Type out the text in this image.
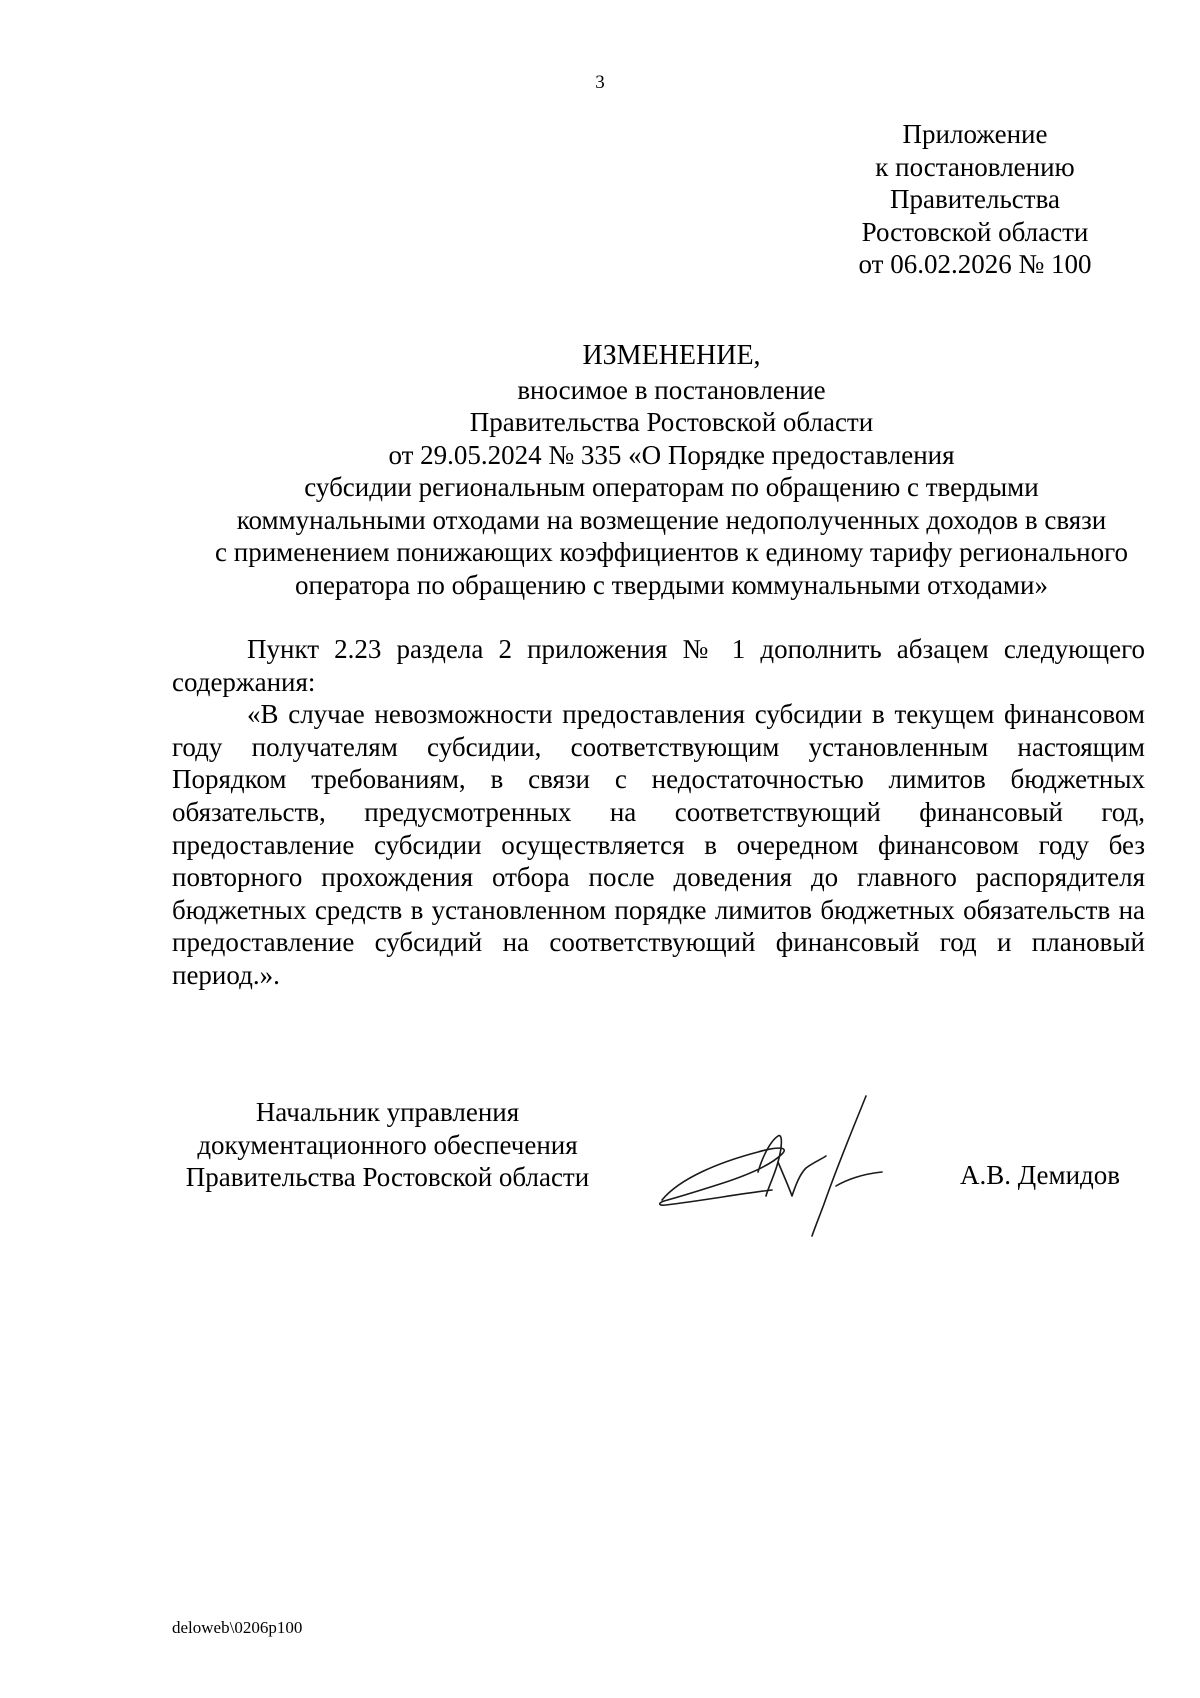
3
Приложение
к постановлению
Правительства
Ростовской области
от 06.02.2026 № 100
ИЗМЕНЕНИЕ,
вносимое в постановление
Правительства Ростовской области
от 29.05.2024 № 335 «О Порядке предоставления
субсидии региональным операторам по обращению с твердыми
коммунальными отходами на возмещение недополученных доходов в связи
с применением понижающих коэффициентов к единому тарифу регионального
оператора по обращению с твердыми коммунальными отходами»

Пункт 2.23 раздела 2 приложения № 1 дополнить абзацем следующего содержания:

«В случае невозможности предоставления субсидии в текущем финансовом году получателям субсидии, соответствующим установленным настоящим Порядком требованиям, в связи с недостаточностью лимитов бюджетных обязательств, предусмотренных на соответствующий финансовый год, предоставление субсидии осуществляется в очередном финансовом году без повторного прохождения отбора после доведения до главного распорядителя бюджетных средств в установленном порядке лимитов бюджетных обязательств на предоставление субсидий на соответствующий финансовый год и плановый период.».

Начальник управления
документационного обеспечения
Правительства Ростовской области	А.В. Демидов
deloweb\0206p100
